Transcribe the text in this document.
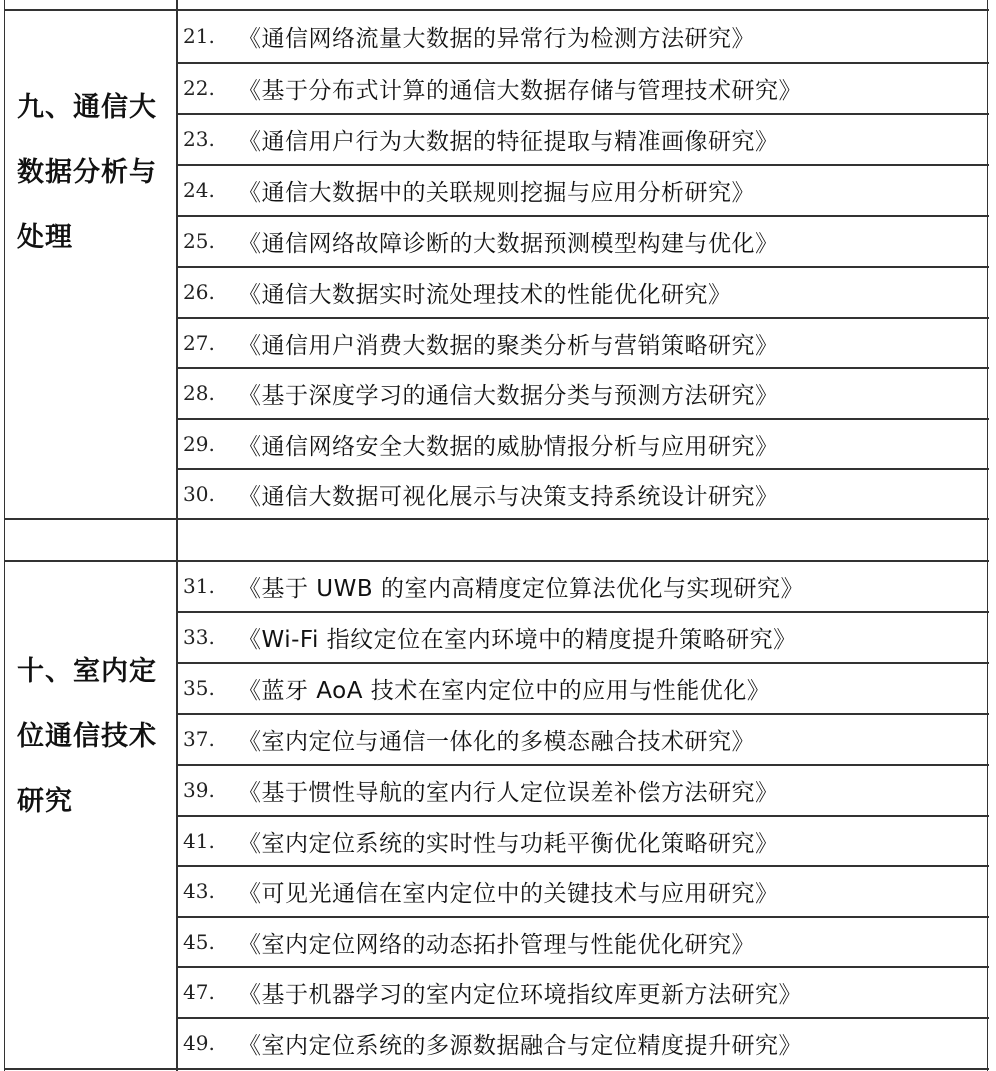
九、通信大
数据分析与
处理
21.	《通信网络流量大数据的异常行为检测方法研究》
22.	《基于分布式计算的通信大数据存储与管理技术研究》
23.	《通信用户行为大数据的特征提取与精准画像研究》
24.	《通信大数据中的关联规则挖掘与应用分析研究》
25.	《通信网络故障诊断的大数据预测模型构建与优化》
26.	《通信大数据实时流处理技术的性能优化研究》
27.	《通信用户消费大数据的聚类分析与营销策略研究》
28.	《基于深度学习的通信大数据分类与预测方法研究》
29.	《通信网络安全大数据的威胁情报分析与应用研究》
30.	《通信大数据可视化展示与决策支持系统设计研究》
十、室内定
位通信技术
研究
31.	《基于 UWB 的室内高精度定位算法优化与实现研究》
33.	《Wi-Fi 指纹定位在室内环境中的精度提升策略研究》
35.	《蓝牙 AoA 技术在室内定位中的应用与性能优化》
37.	《室内定位与通信一体化的多模态融合技术研究》
39.	《基于惯性导航的室内行人定位误差补偿方法研究》
41.	《室内定位系统的实时性与功耗平衡优化策略研究》
43.	《可见光通信在室内定位中的关键技术与应用研究》
45.	《室内定位网络的动态拓扑管理与性能优化研究》
47.	《基于机器学习的室内定位环境指纹库更新方法研究》
49.	《室内定位系统的多源数据融合与定位精度提升研究》
